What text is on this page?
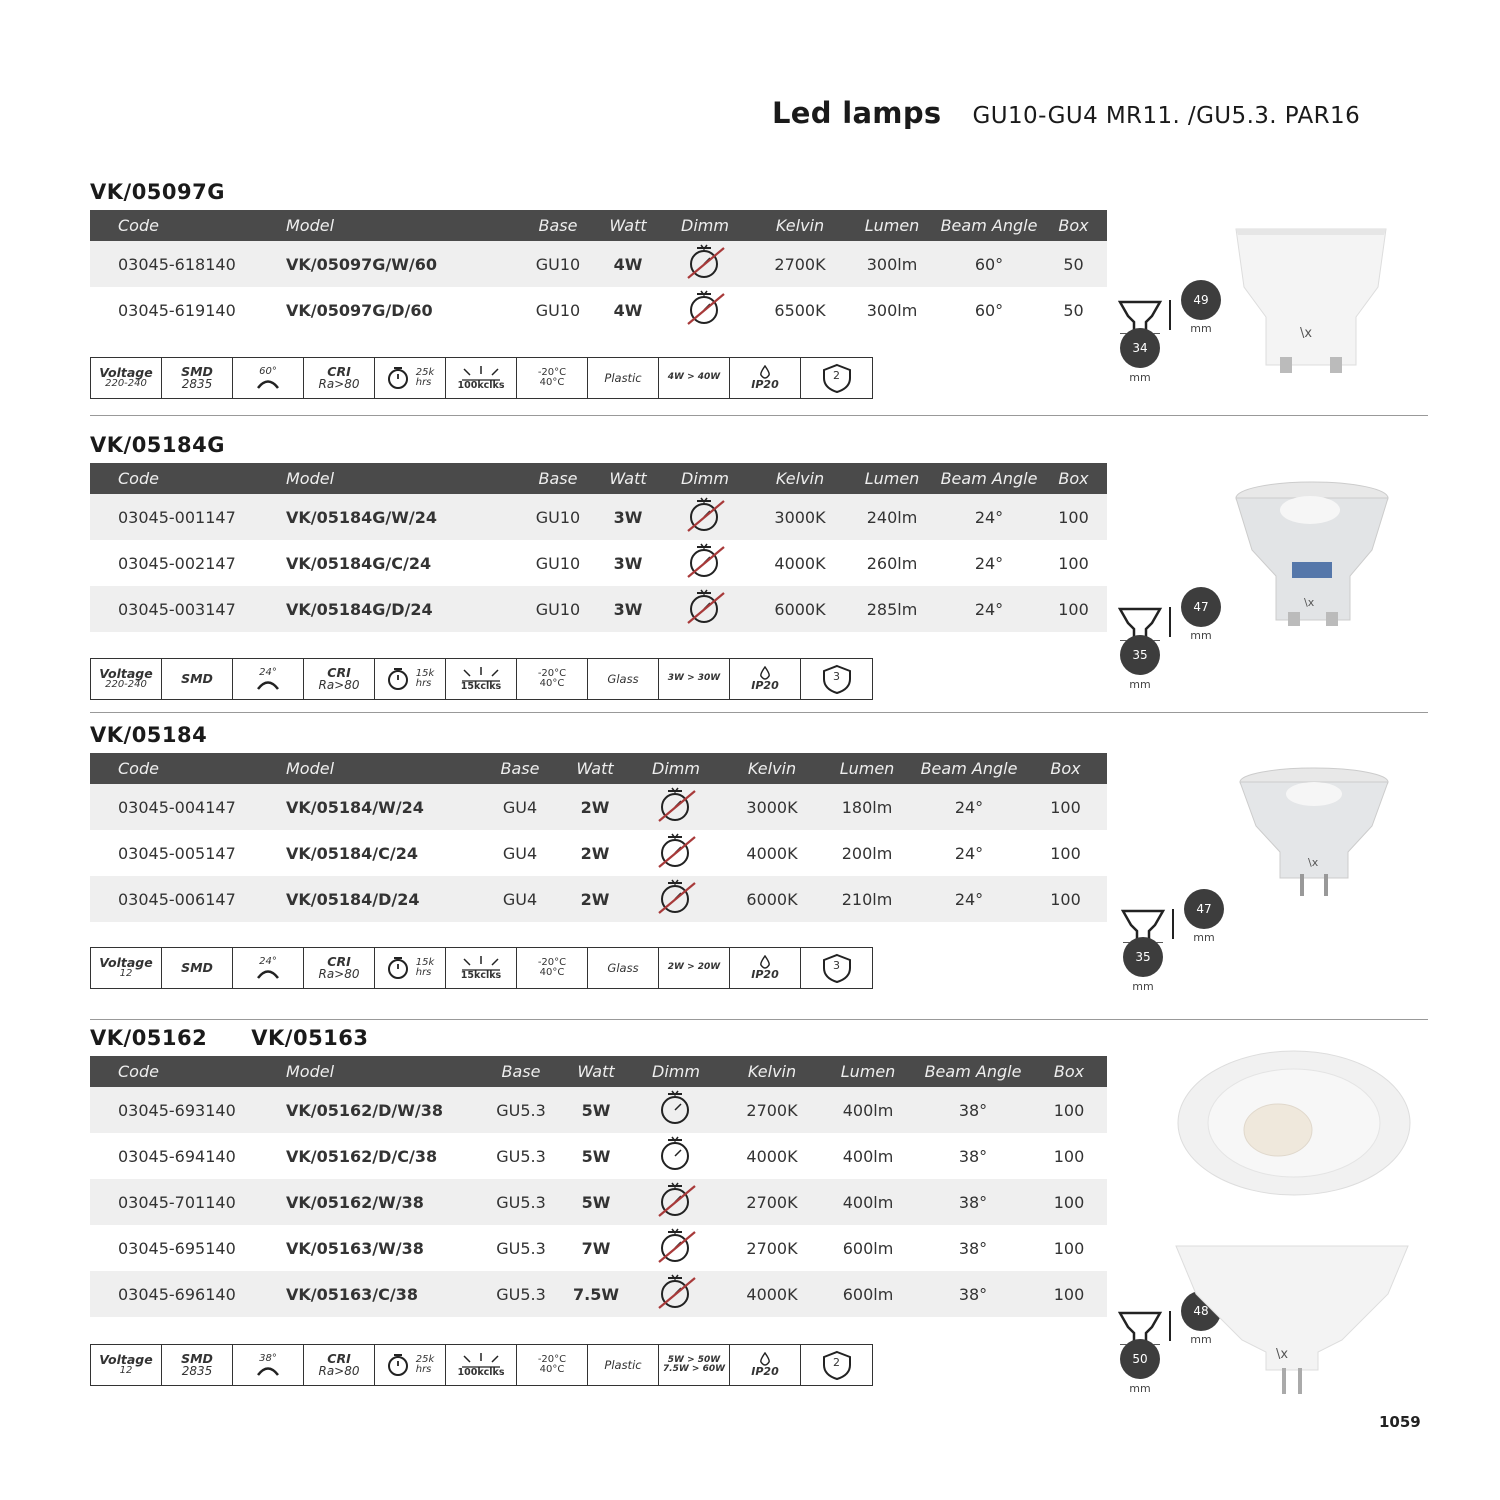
Led lamps GU10-GU4 MR11. /GU5.3. PAR16
VK/05097G
Code	Model	Base	Watt	Dimm	Kelvin	Lumen	Beam Angle	Box
03045-618140	VK/05097G/W/60	GU10	4W		2700K	300lm	60°	50
03045-619140	VK/05097G/D/60	GU10	4W		6500K	300lm	60°	50
Voltage
220-240
SMD
2835
60°	CRI
Ra>80
25k
hrs	100kclks
-20°C
40°C	Plastic	4W > 40W
IP20
2
49
mm
34
mm
\x
VK/05184G
Code	Model	Base	Watt	Dimm	Kelvin	Lumen	Beam Angle	Box
03045-001147	VK/05184G/W/24	GU10	3W		3000K	240lm	24°	100
03045-002147	VK/05184G/C/24	GU10	3W		4000K	260lm	24°	100
03045-003147	VK/05184G/D/24	GU10	3W		6000K	285lm	24°	100
Voltage
220-240	SMD	24°	CRI
Ra>80
15k
hrs	15kclks
-20°C
40°C	Glass	3W > 30W
IP20
3
47
mm
35
mm
\x
VK/05184
Code	Model	Base	Watt	Dimm	Kelvin	Lumen	Beam Angle	Box
03045-004147	VK/05184/W/24	GU4	2W		3000K	180lm	24°	100
03045-005147	VK/05184/C/24	GU4	2W		4000K	200lm	24°	100
03045-006147	VK/05184/D/24	GU4	2W		6000K	210lm	24°	100
Voltage
12	SMD	24°	CRI
Ra>80
15k
hrs	15kclks
-20°C
40°C	Glass	2W > 20W
IP20
3
47
mm
35
mm
\x
VK/05162 VK/05163
Code	Model	Base	Watt	Dimm	Kelvin	Lumen	Beam Angle	Box
03045-693140	VK/05162/D/W/38	GU5.3	5W		2700K	400lm	38°	100
03045-694140	VK/05162/D/C/38	GU5.3	5W		4000K	400lm	38°	100
03045-701140	VK/05162/W/38	GU5.3	5W		2700K	400lm	38°	100
03045-695140	VK/05163/W/38	GU5.3	7W		2700K	600lm	38°	100
03045-696140	VK/05163/C/38	GU5.3	7.5W		4000K	600lm	38°	100
Voltage
12
SMD
2835
38°	CRI
Ra>80
25k
hrs	100kclks
-20°C
40°C	Plastic	5W > 50W
7.5W > 60W IP20
2
48
mm
50
mm
\x
1059
